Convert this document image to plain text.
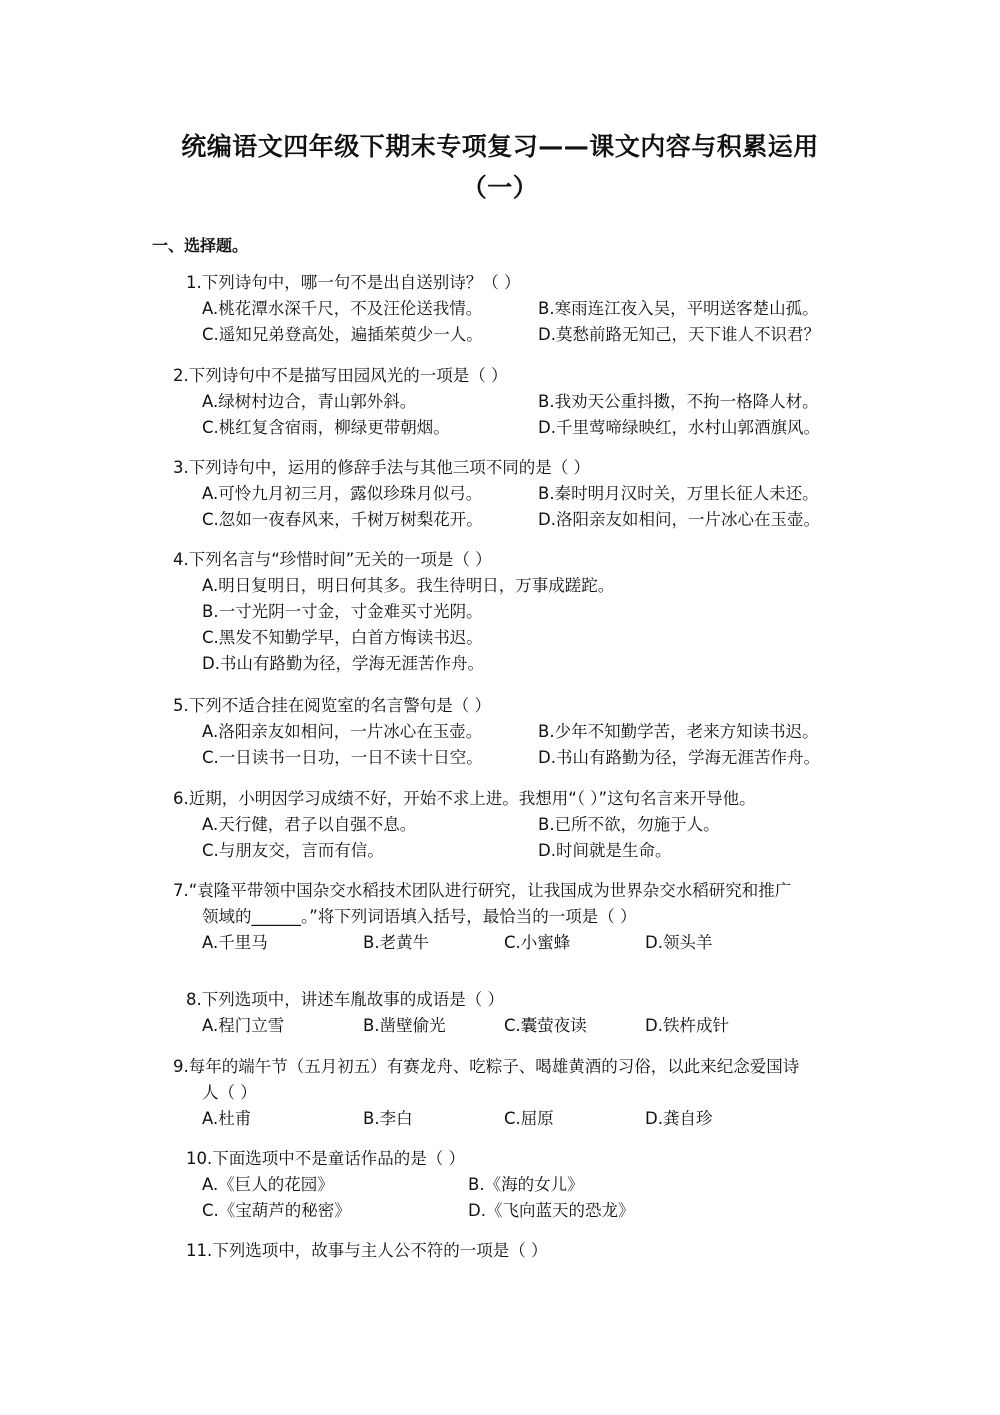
统编语文四年级下期末专项复习——课文内容与积累运用
（一）
一、选择题。
1.下列诗句中，哪一句不是出自送别诗？（ ）
A.桃花潭水深千尺，不及汪伦送我情。	B.寒雨连江夜入吴，平明送客楚山孤。
C.遥知兄弟登高处，遍插茱萸少一人。	D.莫愁前路无知己，天下谁人不识君？
2.下列诗句中不是描写田园风光的一项是（ ）
A.绿树村边合，青山郭外斜。	B.我劝天公重抖擞，不拘一格降人材。
C.桃红复含宿雨，柳绿更带朝烟。	D.千里莺啼绿映红，水村山郭酒旗风。
3.下列诗句中，运用的修辞手法与其他三项不同的是（ ）
A.可怜九月初三月，露似珍珠月似弓。	B.秦时明月汉时关，万里长征人未还。
C.忽如一夜春风来，千树万树梨花开。	D.洛阳亲友如相问，一片冰心在玉壶。
4.下列名言与“珍惜时间”无关的一项是（ ）
A.明日复明日，明日何其多。我生待明日，万事成蹉跎。
B.一寸光阴一寸金，寸金难买寸光阴。
C.黑发不知勤学早，白首方悔读书迟。
D.书山有路勤为径，学海无涯苦作舟。
5.下列不适合挂在阅览室的名言警句是（ ）
A.洛阳亲友如相问，一片冰心在玉壶。	B.少年不知勤学苦，老来方知读书迟。
C.一日读书一日功，一日不读十日空。	D.书山有路勤为径，学海无涯苦作舟。
6.近期，小明因学习成绩不好，开始不求上进。我想用“（ ）”这句名言来开导他。
A.天行健，君子以自强不息。	B.已所不欲，勿施于人。
C.与朋友交，言而有信。	D.时间就是生命。
7.“袁隆平带领中国杂交水稻技术团队进行研究，让我国成为世界杂交水稻研究和推广
领域的______。”将下列词语填入括号，最恰当的一项是（ ）
A.千里马	B.老黄牛	C.小蜜蜂	D.领头羊
8.下列选项中，讲述车胤故事的成语是（ ）
A.程门立雪	B.凿壁偷光	C.囊萤夜读	D.铁杵成针
9.每年的端午节（五月初五）有赛龙舟、吃粽子、喝雄黄酒的习俗，以此来纪念爱国诗
人（ ）
A.杜甫	B.李白	C.屈原	D.龚自珍
10.下面选项中不是童话作品的是（ ）
A.《巨人的花园》	B.《海的女儿》
C.《宝葫芦的秘密》	D.《飞向蓝天的恐龙》
11.下列选项中，故事与主人公不符的一项是（ ）
